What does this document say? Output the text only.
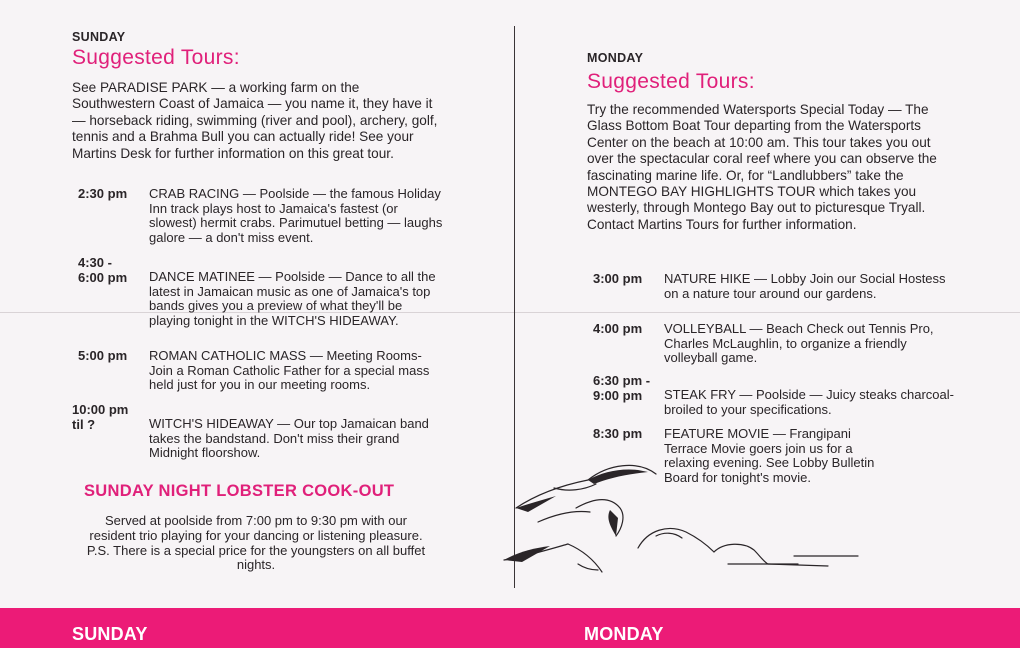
SUNDAY
Suggested Tours:
See PARADISE PARK — a working farm on the Southwestern Coast of Jamaica — you name it, they have it — horseback riding, swimming (river and pool), archery, golf, tennis and a Brahma Bull you can actually ride! See your Martins Desk for further information on this great tour.
2:30 pm CRAB RACING — Poolside — the famous Holiday Inn track plays host to Jamaica's fastest (or slowest) hermit crabs. Parimutuel betting — laughs galore — a don't miss event.
4:30 -
6:00 pm DANCE MATINEE — Poolside — Dance to all the latest in Jamaican music as one of Jamaica's top bands gives you a preview of what they'll be playing tonight in the WITCH'S HIDEAWAY.
5:00 pm ROMAN CATHOLIC MASS — Meeting Rooms-Join a Roman Catholic Father for a special mass held just for you in our meeting rooms.
10:00 pm
til ?	WITCH'S HIDEAWAY — Our top Jamaican band takes the bandstand. Don't miss their grand Midnight floorshow.
SUNDAY NIGHT LOBSTER COOK-OUT
Served at poolside from 7:00 pm to 9:30 pm with our resident trio playing for your dancing or listening pleasure. P.S. There is a special price for the youngsters on all buffet nights.
MONDAY
Suggested Tours:
Try the recommended Watersports Special Today — The Glass Bottom Boat Tour departing from the Watersports Center on the beach at 10:00 am. This tour takes you out over the spectacular coral reef where you can observe the fascinating marine life. Or, for “Landlubbers” take the MONTEGO BAY HIGHLIGHTS TOUR which takes you westerly, through Montego Bay out to picturesque Tryall. Contact Martins Tours for further information.
3:00 pm NATURE HIKE — Lobby Join our Social Hostess on a nature tour around our gardens.
4:00 pm VOLLEYBALL — Beach Check out Tennis Pro, Charles McLaughlin, to organize a friendly volleyball game.
6:30 pm -
9:00 pm	STEAK FRY — Poolside — Juicy steaks charcoal-broiled to your specifications.
8:30 pm FEATURE MOVIE — Frangipani Terrace Movie goers join us for a relaxing evening. See Lobby Bulletin Board for tonight's movie.
SUNDAY	MONDAY
